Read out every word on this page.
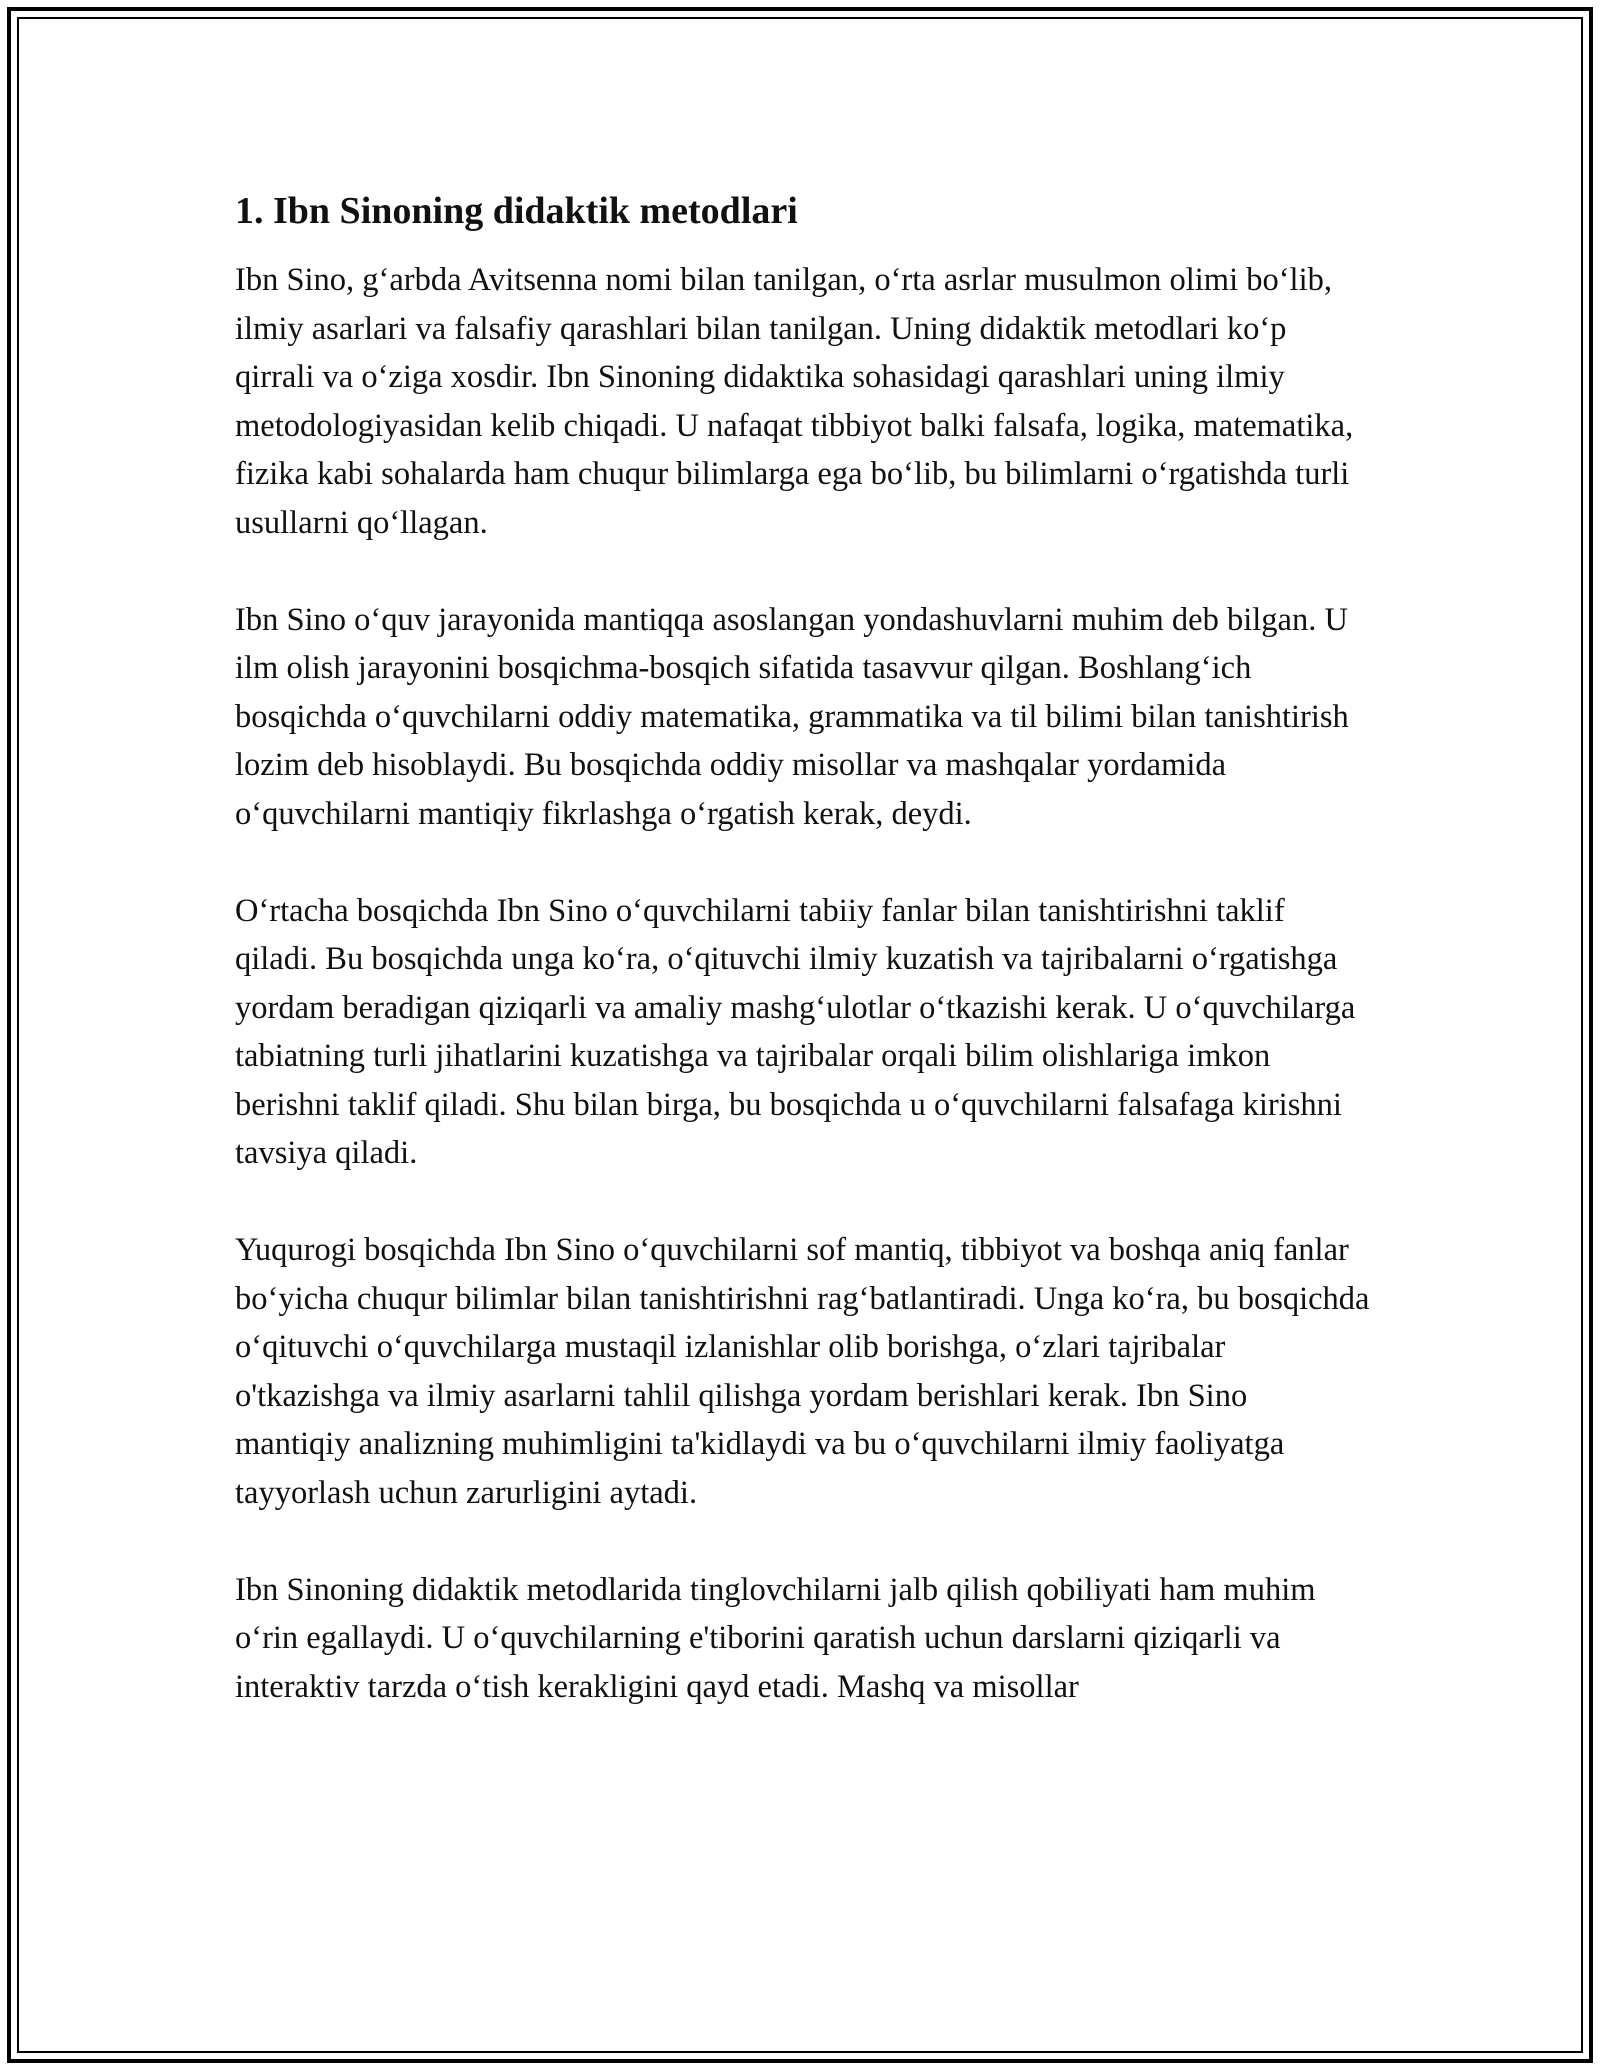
1. Ibn Sinoning didaktik metodlari

Ibn Sino, g‘arbda Avitsenna nomi bilan tanilgan, o‘rta asrlar musulmon olimi bo‘lib, ilmiy asarlari va falsafiy qarashlari bilan tanilgan. Uning didaktik metodlari ko‘p qirrali va o‘ziga xosdir. Ibn Sinoning didaktika sohasidagi qarashlari uning ilmiy metodologiyasidan kelib chiqadi. U nafaqat tibbiyot balki falsafa, logika, matematika, fizika kabi sohalarda ham chuqur bilimlarga ega bo‘lib, bu bilimlarni o‘rgatishda turli usullarni qo‘llagan.

Ibn Sino o‘quv jarayonida mantiqqa asoslangan yondashuvlarni muhim deb bilgan. U ilm olish jarayonini bosqichma-bosqich sifatida tasavvur qilgan. Boshlang‘ich bosqichda o‘quvchilarni oddiy matematika, grammatika va til bilimi bilan tanishtirish lozim deb hisoblaydi. Bu bosqichda oddiy misollar va mashqalar yordamida o‘quvchilarni mantiqiy fikrlashga o‘rgatish kerak, deydi.

O‘rtacha bosqichda Ibn Sino o‘quvchilarni tabiiy fanlar bilan tanishtirishni taklif qiladi. Bu bosqichda unga ko‘ra, o‘qituvchi ilmiy kuzatish va tajribalarni o‘rgatishga yordam beradigan qiziqarli va amaliy mashg‘ulotlar o‘tkazishi kerak. U o‘quvchilarga tabiatning turli jihatlarini kuzatishga va tajribalar orqali bilim olishlariga imkon berishni taklif qiladi. Shu bilan birga, bu bosqichda u o‘quvchilarni falsafaga kirishni tavsiya qiladi.

Yuqurogi bosqichda Ibn Sino o‘quvchilarni sof mantiq, tibbiyot va boshqa aniq fanlar bo‘yicha chuqur bilimlar bilan tanishtirishni rag‘batlantiradi. Unga ko‘ra, bu bosqichda o‘qituvchi o‘quvchilarga mustaqil izlanishlar olib borishga, o‘zlari tajribalar o'tkazishga va ilmiy asarlarni tahlil qilishga yordam berishlari kerak. Ibn Sino mantiqiy analizning muhimligini ta'kidlaydi va bu o‘quvchilarni ilmiy faoliyatga tayyorlash uchun zarurligini aytadi.

Ibn Sinoning didaktik metodlarida tinglovchilarni jalb qilish qobiliyati ham muhim o‘rin egallaydi. U o‘quvchilarning e'tiborini qaratish uchun darslarni qiziqarli va interaktiv tarzda o‘tish kerakligini qayd etadi. Mashq va misollar
